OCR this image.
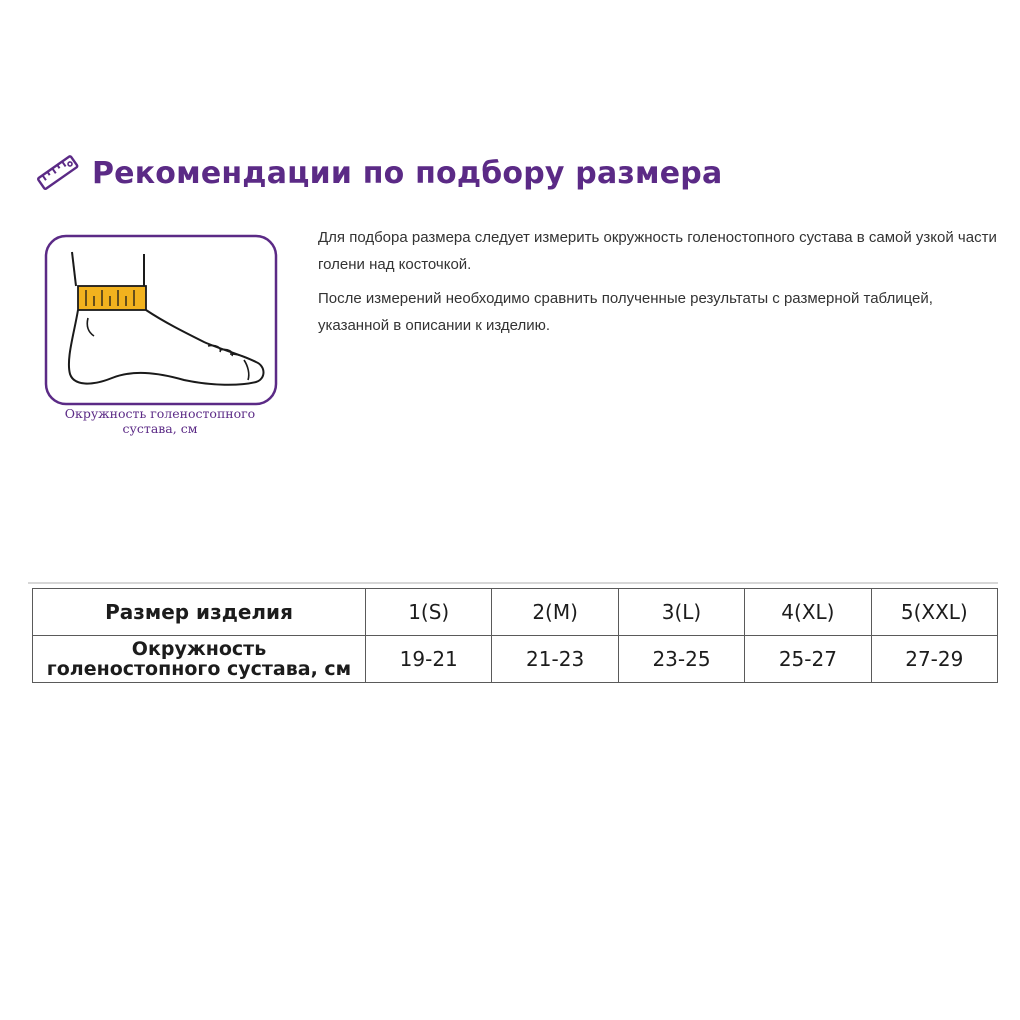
Рекомендации по подбору размера
Окружность голеностопного
сустава, см

Для подбора размера следует измерить окружность голеностопного сустава в самой узкой части голени над косточкой.

После измерений необходимо сравнить полученные результаты с размерной таблицей, указанной в описании к изделию.

Размер изделия	1(S)	2(M)	3(L)	4(XL)	5(XXL)

Окружность
голеностопного сустава, см	19-21	21-23	23-25	25-27	27-29
